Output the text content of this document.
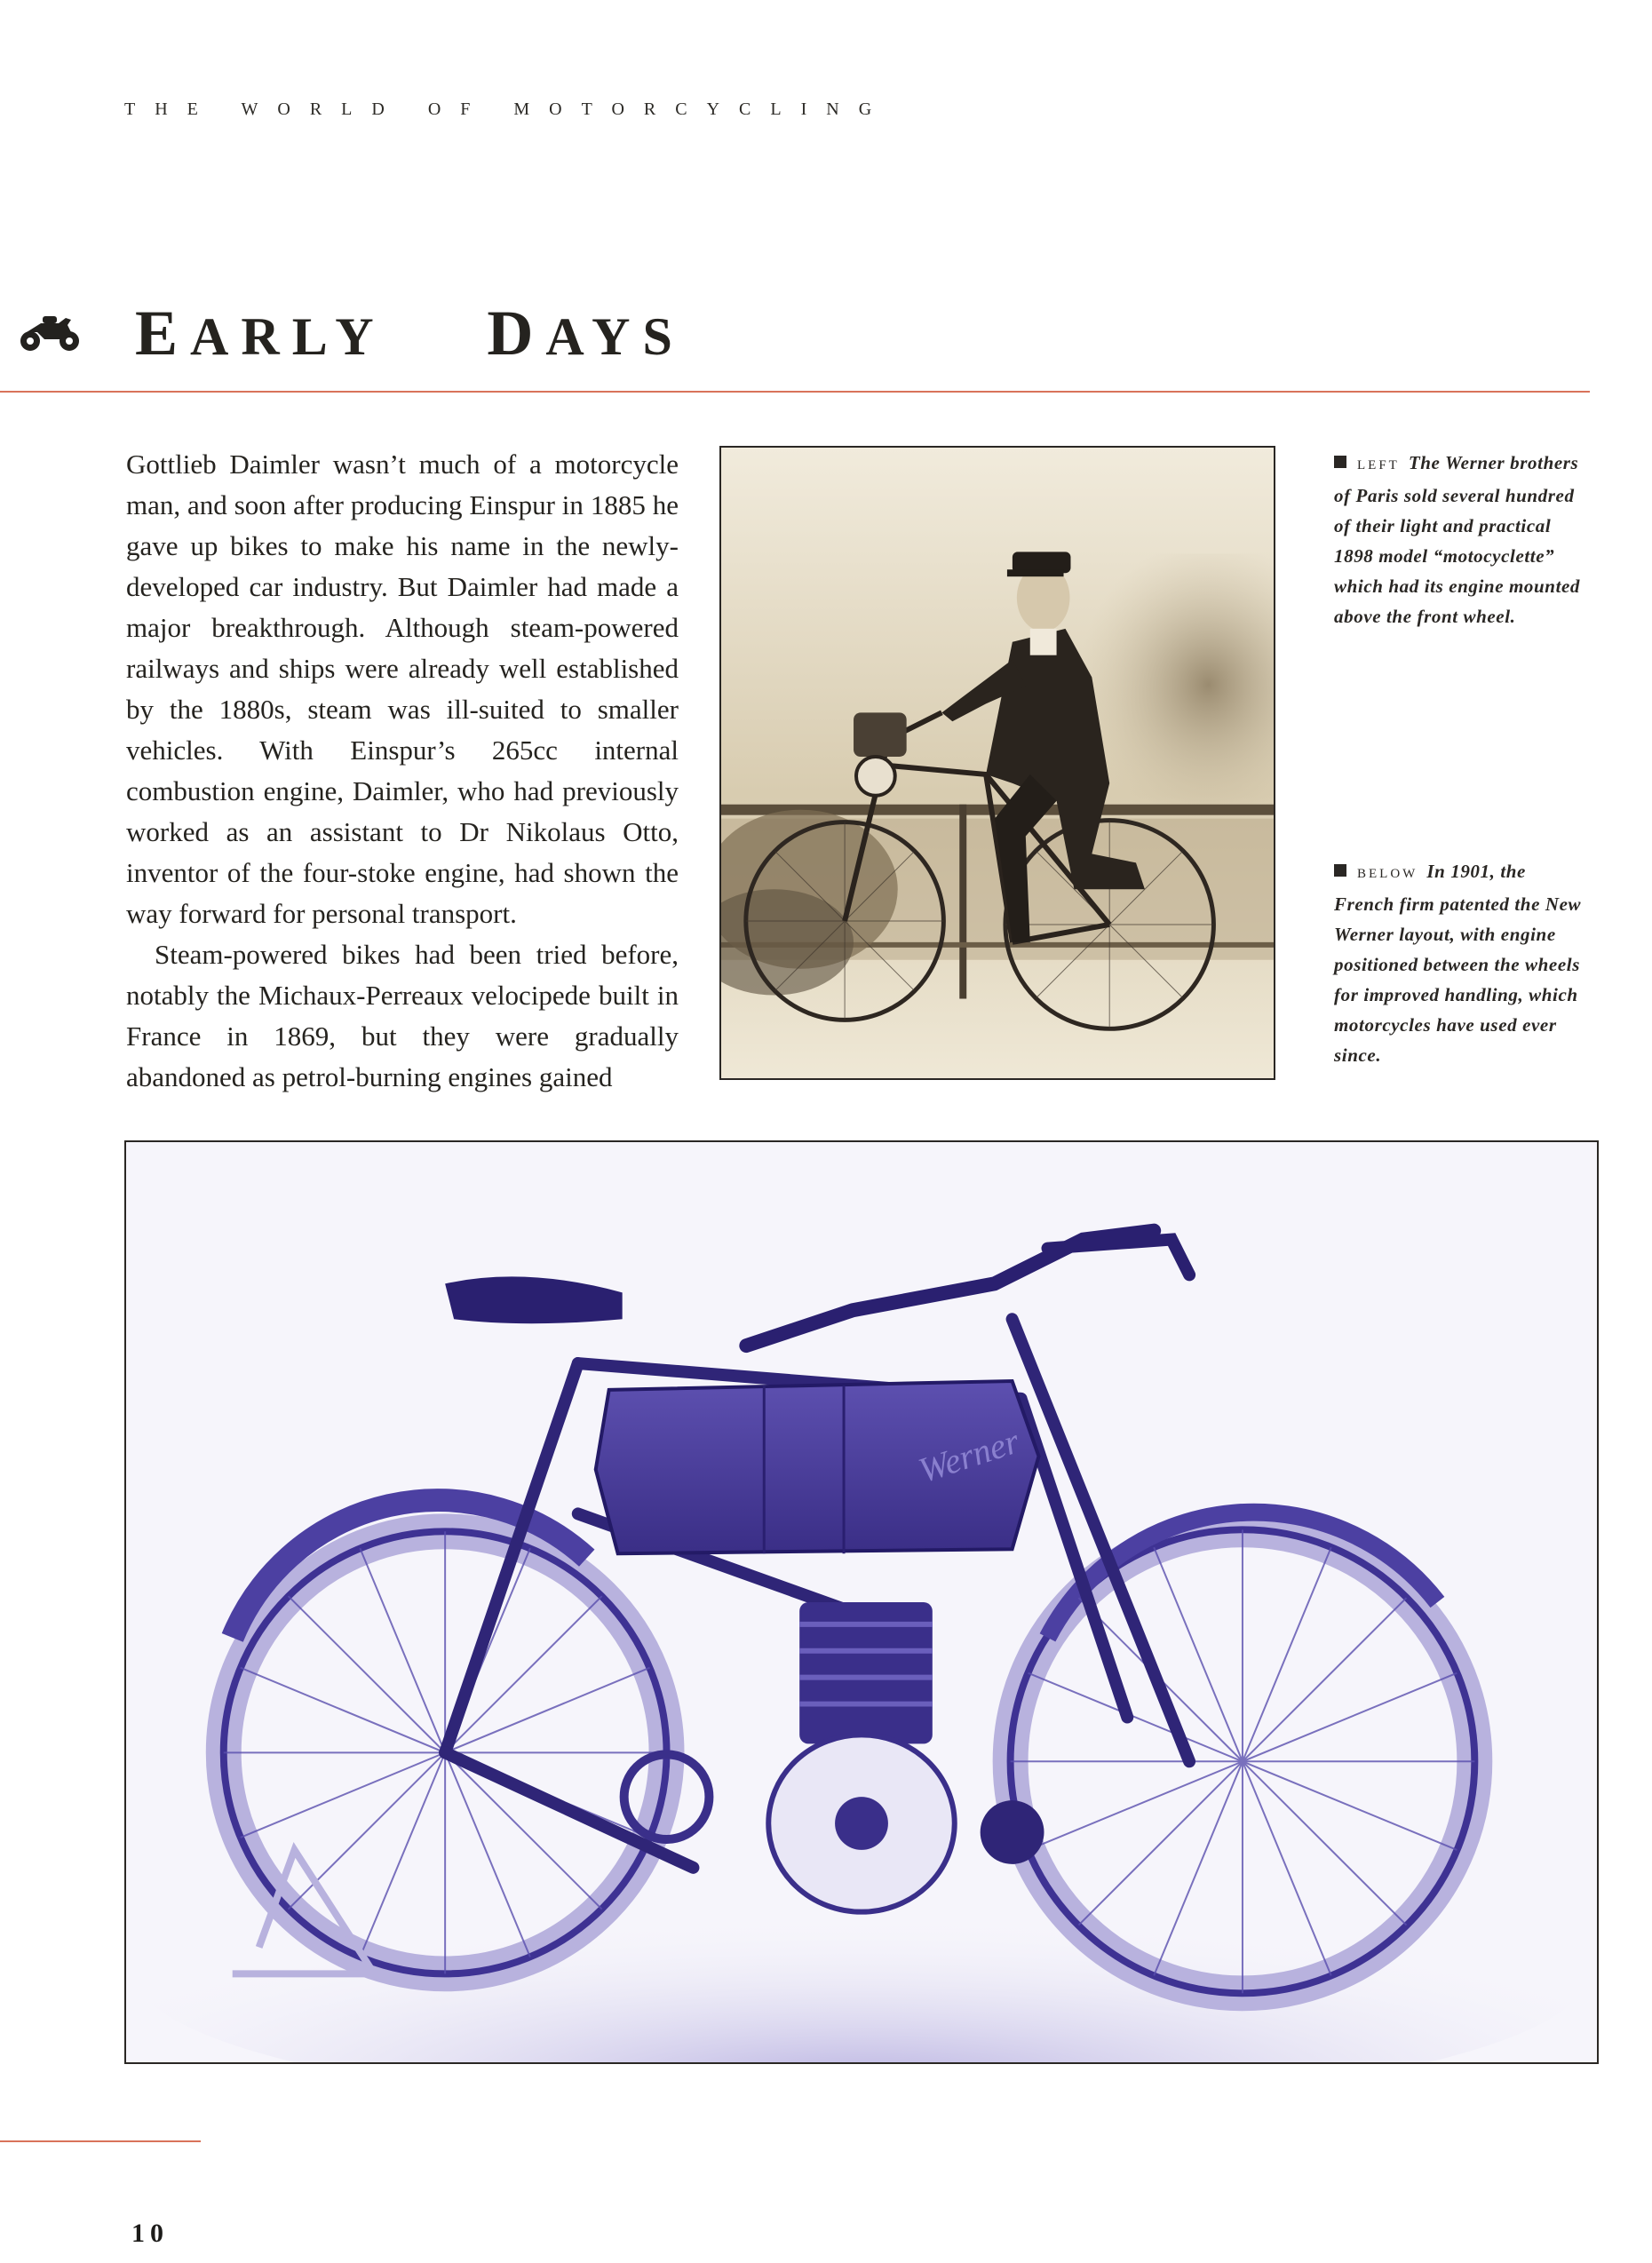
THE WORLD OF MOTORCYCLING
EARLY DAYS

Gottlieb Daimler wasn’t much of a motorcycle man, and soon after producing Einspur in 1885 he gave up bikes to make his name in the newly-developed car industry. But Daimler had made a major breakthrough. Although steam-powered railways and ships were already well established by the 1880s, steam was ill-suited to smaller vehicles. With Einspur’s 265cc internal combustion engine, Daimler, who had previously worked as an assistant to Dr Nikolaus Otto, inventor of the four-stoke engine, had shown the way forward for personal transport.

Steam-powered bikes had been tried before, notably the Michaux-Perreaux velocipede built in France in 1869, but they were gradually abandoned as petrol-burning engines gained

LEFT The Werner brothers of Paris sold several hundred of their light and practical 1898 model “motocyclette” which had its engine mounted above the front wheel.
BELOW In 1901, the French firm patented the New Werner layout, with engine positioned between the wheels for improved handling, which motorcycles have used ever since.
Werner
10
